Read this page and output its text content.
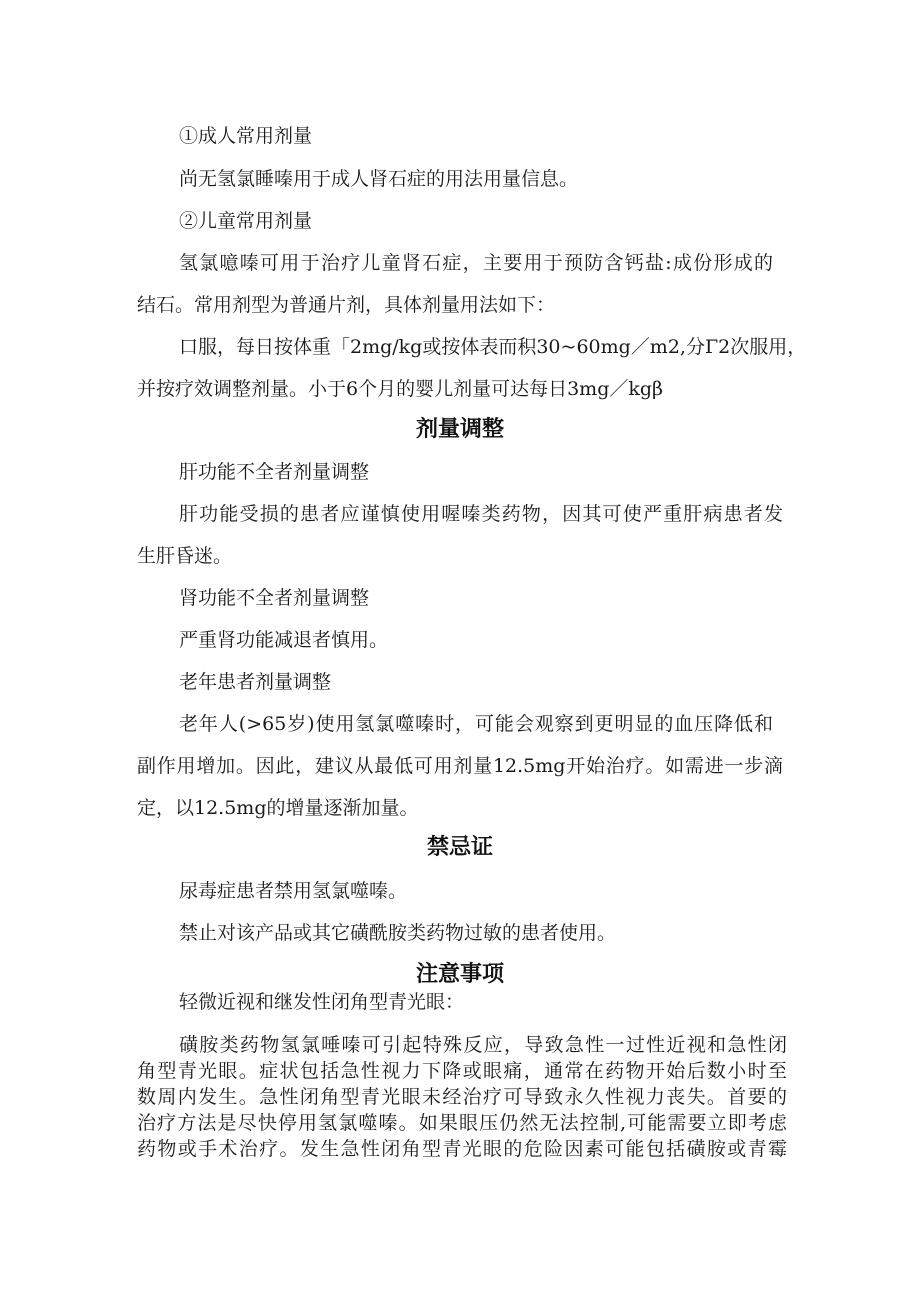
①成人常用剂量
尚无氢氯睡嗪用于成人肾石症的用法用量信息。
②儿童常用剂量
氢氯噫嗪可用于治疗儿童肾石症，主要用于预防含钙盐:成份形成的
结石。常用剂型为普通片剂，具体剂量用法如下：
口服，每日按体重「2mg/kg或按体表而积30~60mg／m2,分Γ2次服用，
并按疗效调整剂量。小于6个月的婴儿剂量可达每日3mg／kgβ
剂量调整
肝功能不全者剂量调整
肝功能受损的患者应谨慎使用喔嗪类药物，因其可使严重肝病患者发
生肝昏迷。
肾功能不全者剂量调整
严重肾功能减退者慎用。
老年患者剂量调整
老年人(>65岁)使用氢氯噬嗪时，可能会观察到更明显的血压降低和
副作用增加。因此，建议从最低可用剂量12.5mg开始治疗。如需进一步滴
定，以12.5mg的增量逐渐加量。
禁忌证
尿毒症患者禁用氢氯噬嗪。
禁止对该产品或其它磺酰胺类药物过敏的患者使用。
注意事项
轻微近视和继发性闭角型青光眼：
磺胺类药物氢氯唾嗪可引起特殊反应，导致急性一过性近视和急性闭
角型青光眼。症状包括急性视力下降或眼痛，通常在药物开始后数小时至
数周内发生。急性闭角型青光眼未经治疗可导致永久性视力丧失。首要的
治疗方法是尽快停用氢氯噬嗪。如果眼压仍然无法控制,可能需要立即考虑
药物或手术治疗。发生急性闭角型青光眼的危险因素可能包括磺胺或青霉
